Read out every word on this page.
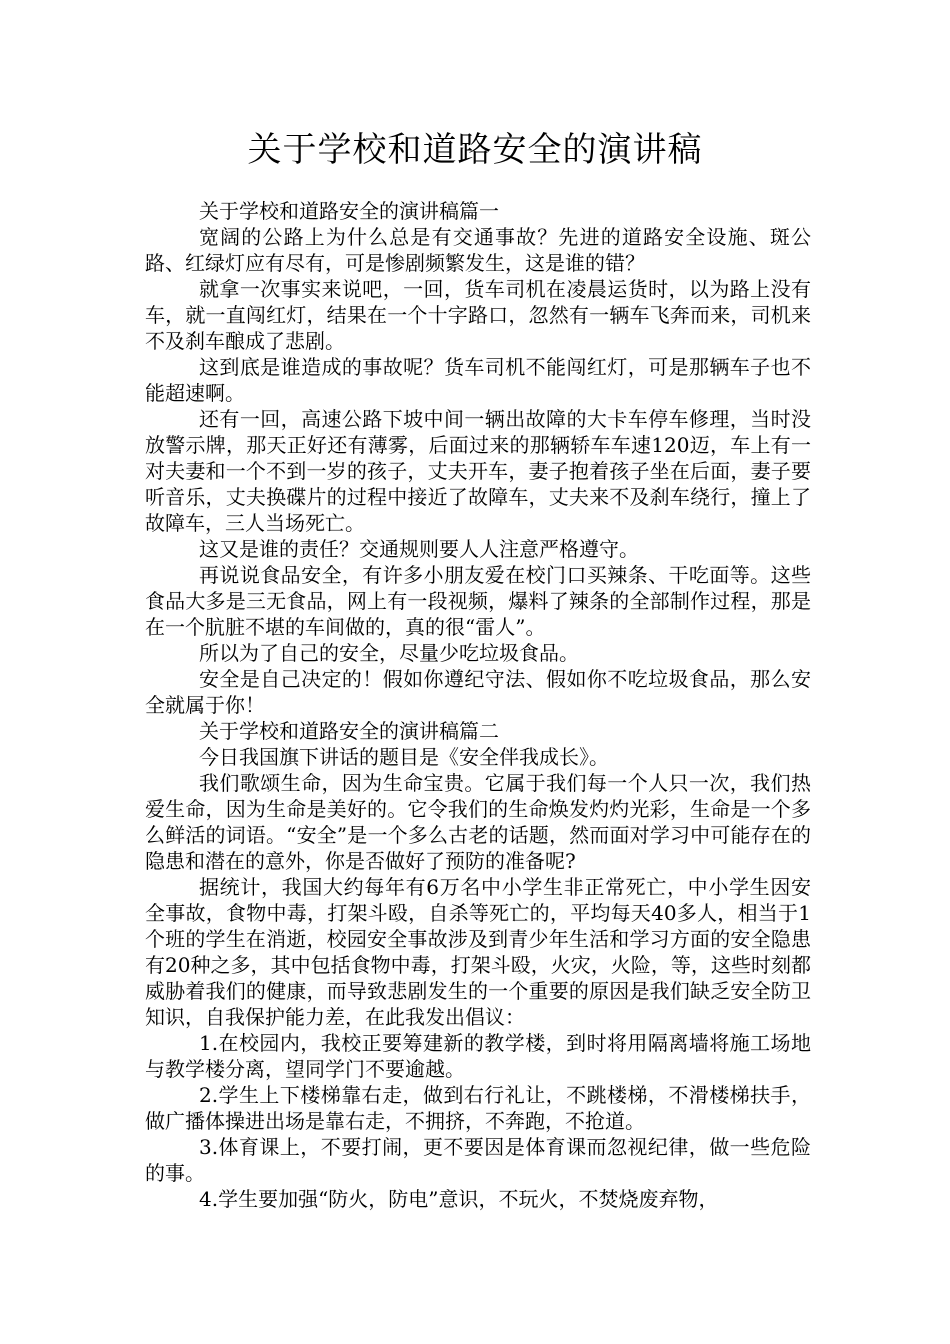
关于学校和道路安全的演讲稿

关于学校和道路安全的演讲稿篇一

宽阔的公路上为什么总是有交通事故？先进的道路安全设施、斑公路、红绿灯应有尽有，可是惨剧频繁发生，这是谁的错？

就拿一次事实来说吧，一回，货车司机在凌晨运货时，以为路上没有车，就一直闯红灯，结果在一个十字路口，忽然有一辆车飞奔而来，司机来不及刹车酿成了悲剧。

这到底是谁造成的事故呢？货车司机不能闯红灯，可是那辆车子也不能超速啊。

还有一回，高速公路下坡中间一辆出故障的大卡车停车修理，当时没放警示牌，那天正好还有薄雾，后面过来的那辆轿车车速120迈，车上有一对夫妻和一个不到一岁的孩子，丈夫开车，妻子抱着孩子坐在后面，妻子要听音乐，丈夫换碟片的过程中接近了故障车，丈夫来不及刹车绕行，撞上了故障车，三人当场死亡。

这又是谁的责任？交通规则要人人注意严格遵守。

再说说食品安全，有许多小朋友爱在校门口买辣条、干吃面等。这些食品大多是三无食品，网上有一段视频，爆料了辣条的全部制作过程，那是在一个肮脏不堪的车间做的，真的很“雷人”。

所以为了自己的安全，尽量少吃垃圾食品。

安全是自己决定的！假如你遵纪守法、假如你不吃垃圾食品，那么安全就属于你！

关于学校和道路安全的演讲稿篇二

今日我国旗下讲话的题目是《安全伴我成长》。

我们歌颂生命，因为生命宝贵。它属于我们每一个人只一次，我们热爱生命，因为生命是美好的。它令我们的生命焕发灼灼光彩，生命是一个多么鲜活的词语。“安全”是一个多么古老的话题，然而面对学习中可能存在的隐患和潜在的意外，你是否做好了预防的准备呢?

据统计，我国大约每年有6万名中小学生非正常死亡，中小学生因安全事故，食物中毒，打架斗殴，自杀等死亡的，平均每天40多人，相当于1个班的学生在消逝，校园安全事故涉及到青少年生活和学习方面的安全隐患有20种之多，其中包括食物中毒，打架斗殴，火灾，火险，等，这些时刻都威胁着我们的健康，而导致悲剧发生的一个重要的原因是我们缺乏安全防卫知识，自我保护能力差，在此我发出倡议：

1.在校园内，我校正要筹建新的教学楼，到时将用隔离墙将施工场地与教学楼分离，望同学门不要逾越。

2.学生上下楼梯靠右走，做到右行礼让，不跳楼梯，不滑楼梯扶手，做广播体操进出场是靠右走，不拥挤，不奔跑，不抢道。

3.体育课上，不要打闹，更不要因是体育课而忽视纪律，做一些危险的事。

4.学生要加强“防火，防电”意识，不玩火，不焚烧废弃物，
